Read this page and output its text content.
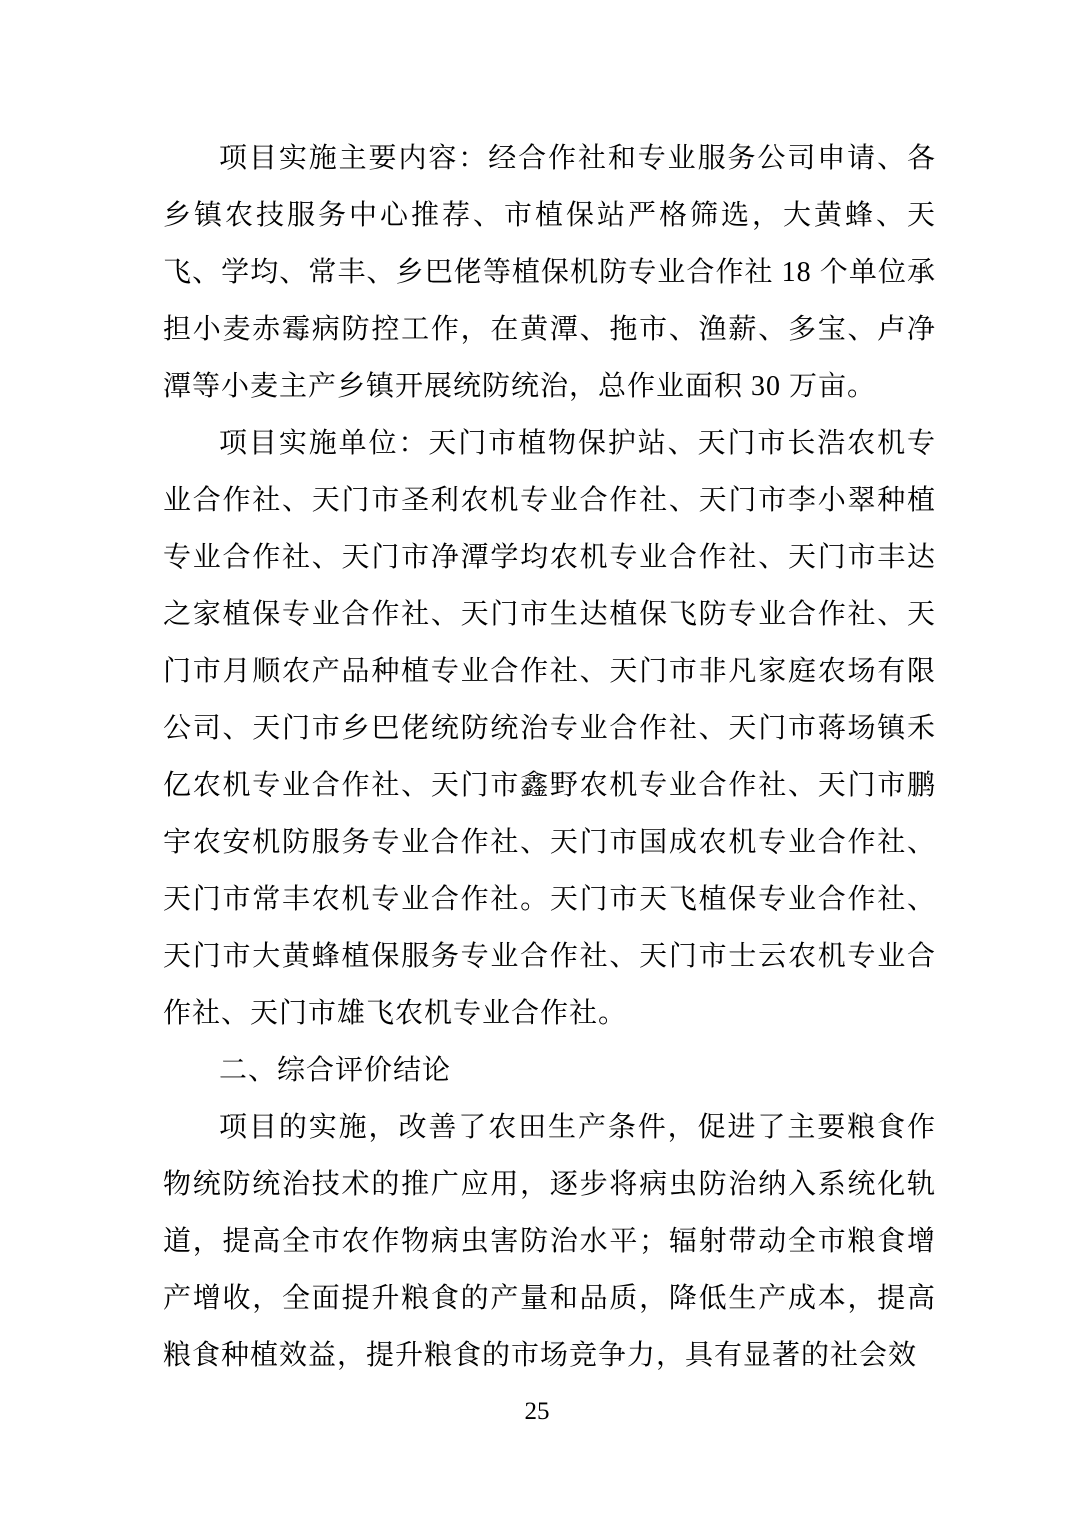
项目实施主要内容：经合作社和专业服务公司申请、各乡镇农技服务中心推荐、市植保站严格筛选，大黄蜂、天飞、学均、常丰、乡巴佬等植保机防专业合作社 18 个单位承担小麦赤霉病防控工作，在黄潭、拖市、渔薪、多宝、卢净潭等小麦主产乡镇开展统防统治，总作业面积 30 万亩。

项目实施单位：天门市植物保护站、天门市长浩农机专业合作社、天门市圣利农机专业合作社、天门市李小翠种植专业合作社、天门市净潭学均农机专业合作社、天门市丰达之家植保专业合作社、天门市生达植保飞防专业合作社、天门市月顺农产品种植专业合作社、天门市非凡家庭农场有限公司、天门市乡巴佬统防统治专业合作社、天门市蒋场镇禾亿农机专业合作社、天门市鑫野农机专业合作社、天门市鹏宇农安机防服务专业合作社、天门市国成农机专业合作社、天门市常丰农机专业合作社。天门市天飞植保专业合作社、天门市大黄蜂植保服务专业合作社、天门市士云农机专业合作社、天门市雄飞农机专业合作社。

二、综合评价结论

项目的实施，改善了农田生产条件，促进了主要粮食作物统防统治技术的推广应用，逐步将病虫防治纳入系统化轨道，提高全市农作物病虫害防治水平；辐射带动全市粮食增产增收，全面提升粮食的产量和品质，降低生产成本，提高粮食种植效益，提升粮食的市场竞争力，具有显著的社会效

25
